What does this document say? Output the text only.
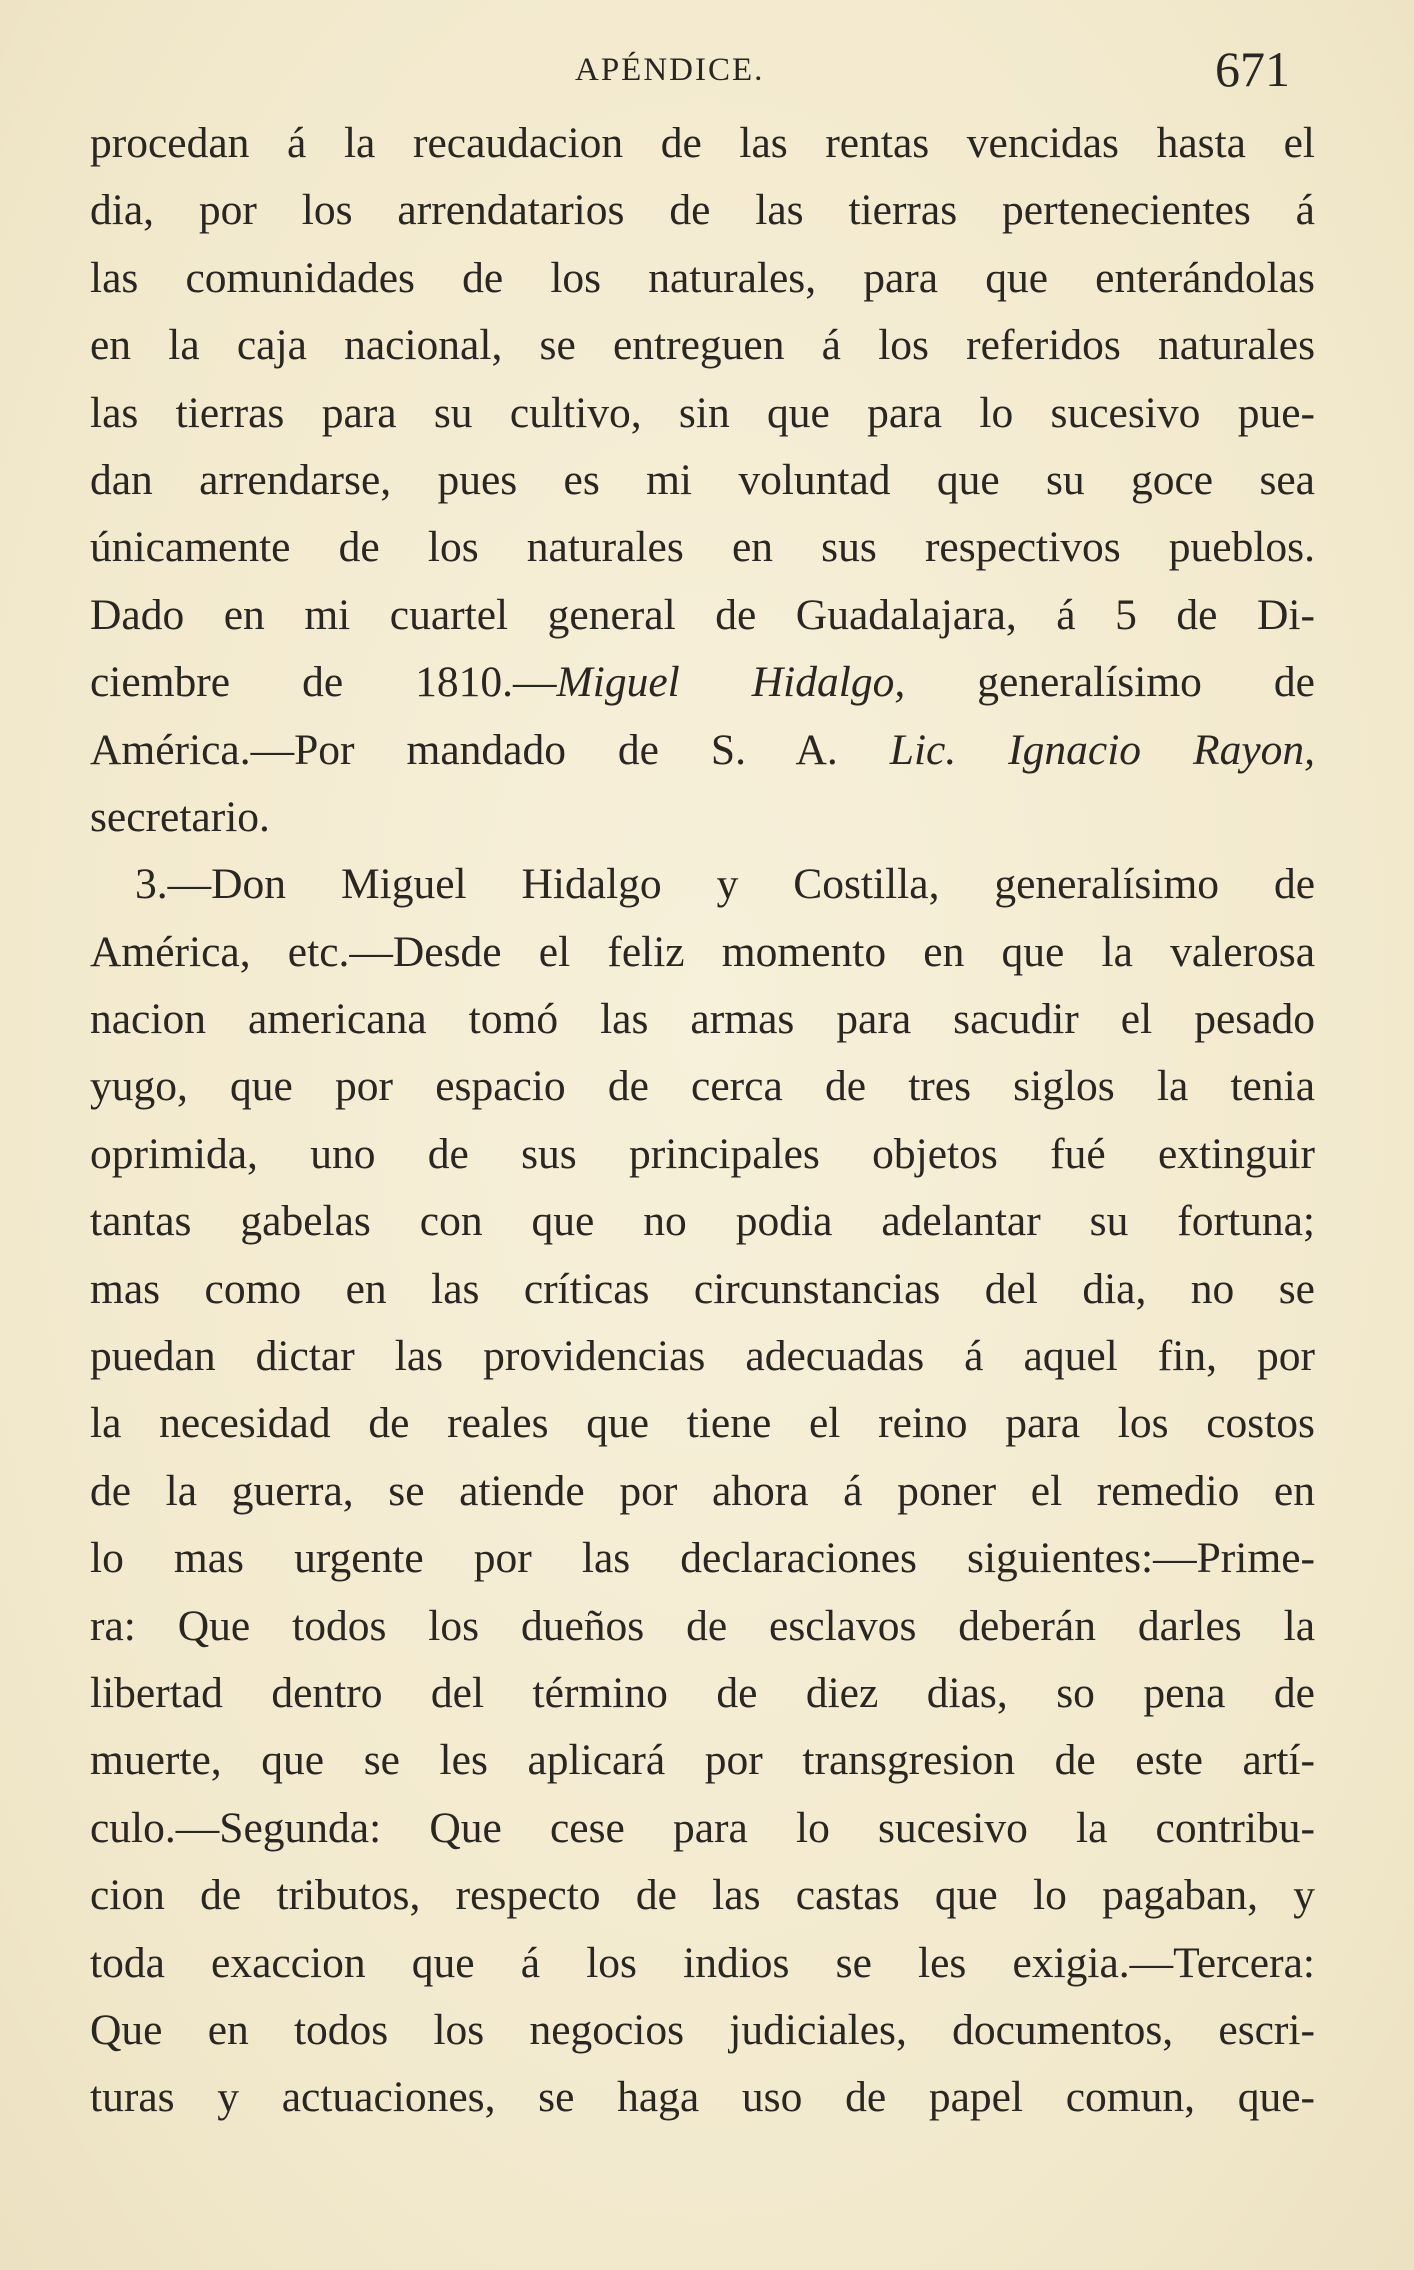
APÉNDICE.	671
procedan á la recaudacion de las rentas vencidas hasta el
dia, por los arrendatarios de las tierras pertenecientes á
las comunidades de los naturales, para que enterándolas
en la caja nacional, se entreguen á los referidos naturales
las tierras para su cultivo, sin que para lo sucesivo pue-
dan arrendarse, pues es mi voluntad que su goce sea
únicamente de los naturales en sus respectivos pueblos.
Dado en mi cuartel general de Guadalajara, á 5 de Di-
ciembre de 1810.—Miguel Hidalgo, generalísimo de
América.—Por mandado de S. A. Lic. Ignacio Rayon,
secretario.
3.—Don Miguel Hidalgo y Costilla, generalísimo de
América, etc.—Desde el feliz momento en que la valerosa
nacion americana tomó las armas para sacudir el pesado
yugo, que por espacio de cerca de tres siglos la tenia
oprimida, uno de sus principales objetos fué extinguir
tantas gabelas con que no podia adelantar su fortuna;
mas como en las críticas circunstancias del dia, no se
puedan dictar las providencias adecuadas á aquel fin, por
la necesidad de reales que tiene el reino para los costos
de la guerra, se atiende por ahora á poner el remedio en
lo mas urgente por las declaraciones siguientes:—Prime-
ra: Que todos los dueños de esclavos deberán darles la
libertad dentro del término de diez dias, so pena de
muerte, que se les aplicará por transgresion de este artí-
culo.—Segunda: Que cese para lo sucesivo la contribu-
cion de tributos, respecto de las castas que lo pagaban, y
toda exaccion que á los indios se les exigia.—Tercera:
Que en todos los negocios judiciales, documentos, escri-
turas y actuaciones, se haga uso de papel comun, que-
